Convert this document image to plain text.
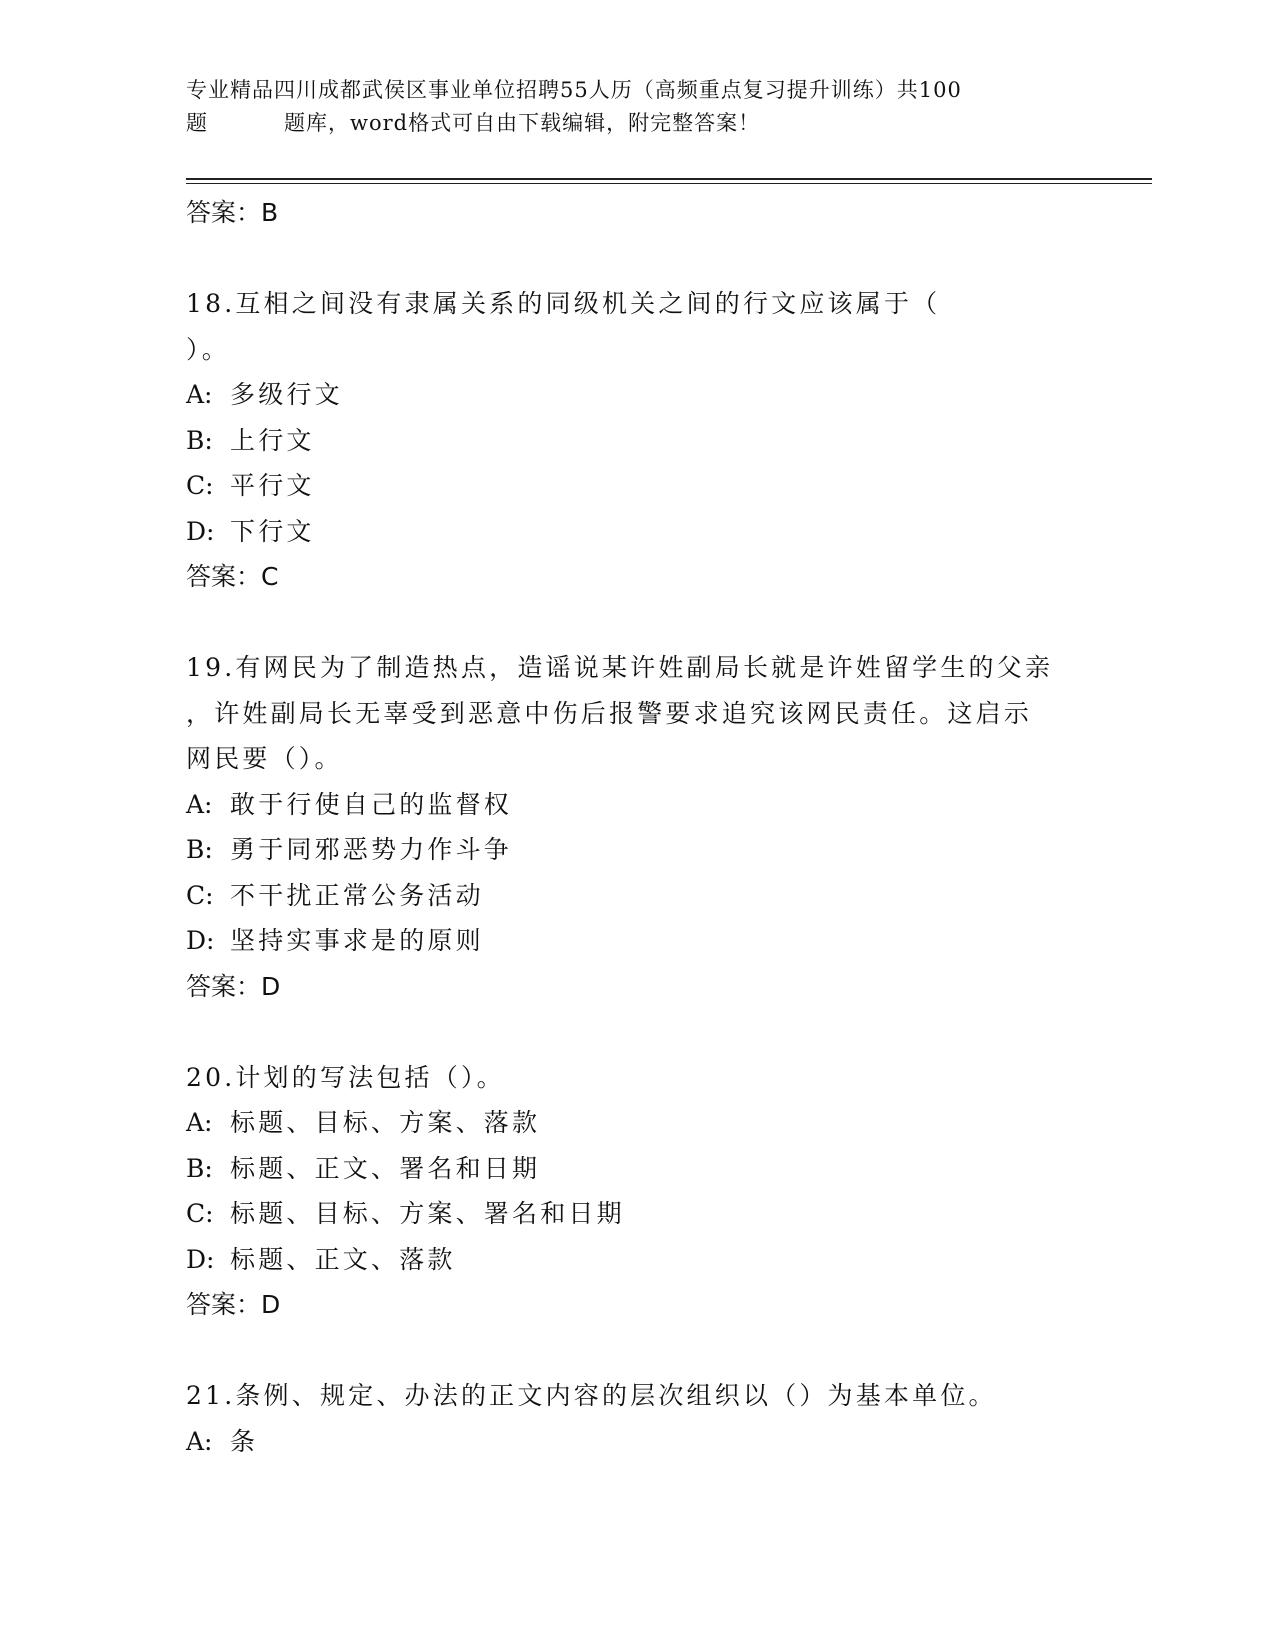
专业精品四川成都武侯区事业单位招聘55人历（高频重点复习提升训练）共100
题	题库，word格式可自由下载编辑，附完整答案！
答案：B
18.互相之间没有隶属关系的同级机关之间的行文应该属于（
）。
A: 多级行文
B: 上行文
C: 平行文
D: 下行文
答案：C
19.有网民为了制造热点，造谣说某许姓副局长就是许姓留学生的父亲
，许姓副局长无辜受到恶意中伤后报警要求追究该网民责任。这启示
网民要（）。
A: 敢于行使自己的监督权
B: 勇于同邪恶势力作斗争
C: 不干扰正常公务活动
D: 坚持实事求是的原则
答案：D
20.计划的写法包括（）。
A: 标题、目标、方案、落款
B: 标题、正文、署名和日期
C: 标题、目标、方案、署名和日期
D: 标题、正文、落款
答案：D
21.条例、规定、办法的正文内容的层次组织以（）为基本单位。
A: 条
